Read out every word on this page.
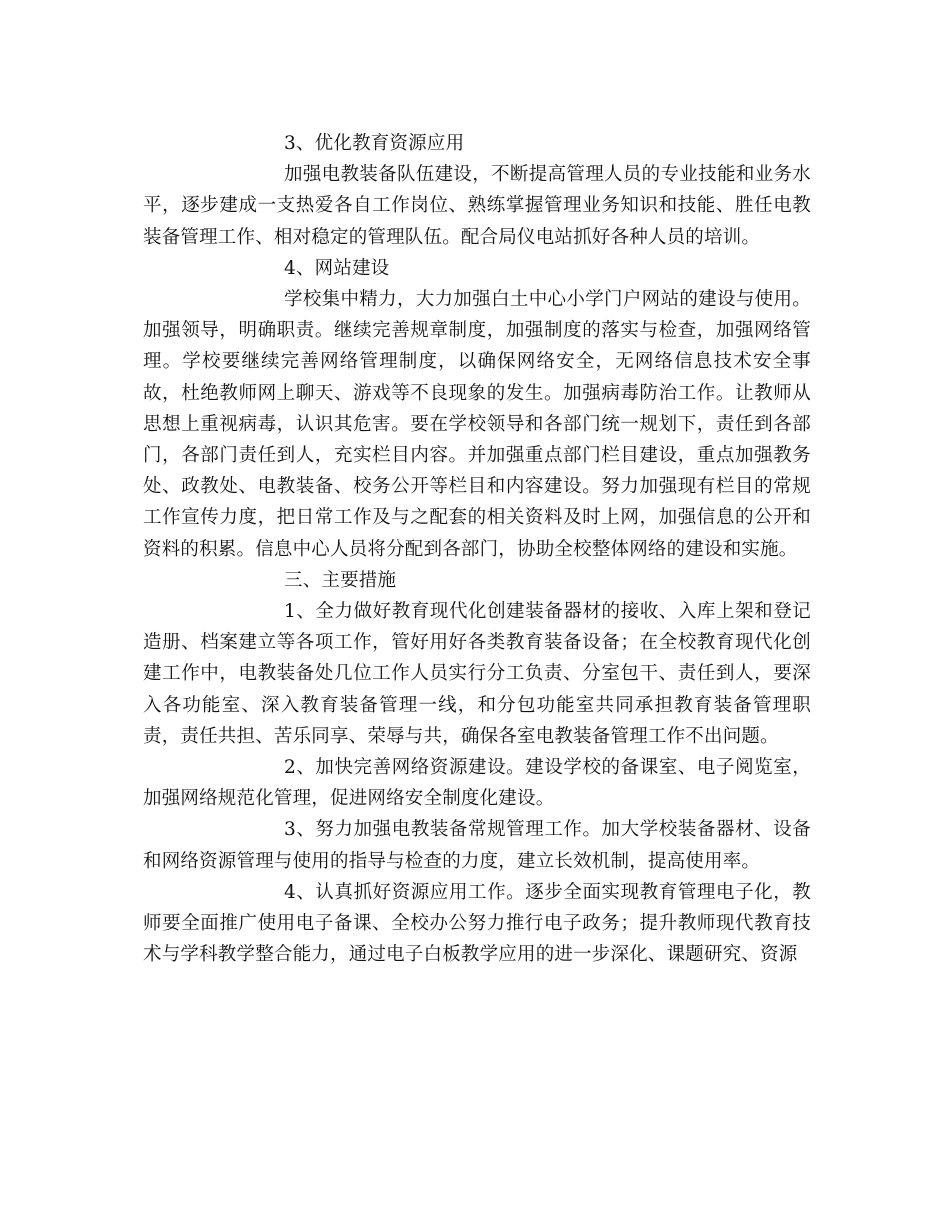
3、优化教育资源应用

加强电教装备队伍建设，不断提高管理人员的专业技能和业务水平，逐步建成一支热爱各自工作岗位、熟练掌握管理业务知识和技能、胜任电教装备管理工作、相对稳定的管理队伍。配合局仪电站抓好各种人员的培训。

4、网站建设

学校集中精力，大力加强白土中心小学门户网站的建设与使用。加强领导，明确职责。继续完善规章制度，加强制度的落实与检查，加强网络管理。学校要继续完善网络管理制度，以确保网络安全，无网络信息技术安全事故，杜绝教师网上聊天、游戏等不良现象的发生。加强病毒防治工作。让教师从思想上重视病毒，认识其危害。要在学校领导和各部门统一规划下，责任到各部门，各部门责任到人，充实栏目内容。并加强重点部门栏目建设，重点加强教务处、政教处、电教装备、校务公开等栏目和内容建设。努力加强现有栏目的常规工作宣传力度，把日常工作及与之配套的相关资料及时上网，加强信息的公开和资料的积累。信息中心人员将分配到各部门，协助全校整体网络的建设和实施。

三、主要措施

1、全力做好教育现代化创建装备器材的接收、入库上架和登记造册、档案建立等各项工作，管好用好各类教育装备设备；在全校教育现代化创建工作中，电教装备处几位工作人员实行分工负责、分室包干、责任到人，要深入各功能室、深入教育装备管理一线，和分包功能室共同承担教育装备管理职责，责任共担、苦乐同享、荣辱与共，确保各室电教装备管理工作不出问题。

2、加快完善网络资源建设。建设学校的备课室、电子阅览室，加强网络规范化管理，促进网络安全制度化建设。

3、努力加强电教装备常规管理工作。加大学校装备器材、设备和网络资源管理与使用的指导与检查的力度，建立长效机制，提高使用率。

4、认真抓好资源应用工作。逐步全面实现教育管理电子化，教师要全面推广使用电子备课、全校办公努力推行电子政务；提升教师现代教育技术与学科教学整合能力，通过电子白板教学应用的进一步深化、课题研究、资源
